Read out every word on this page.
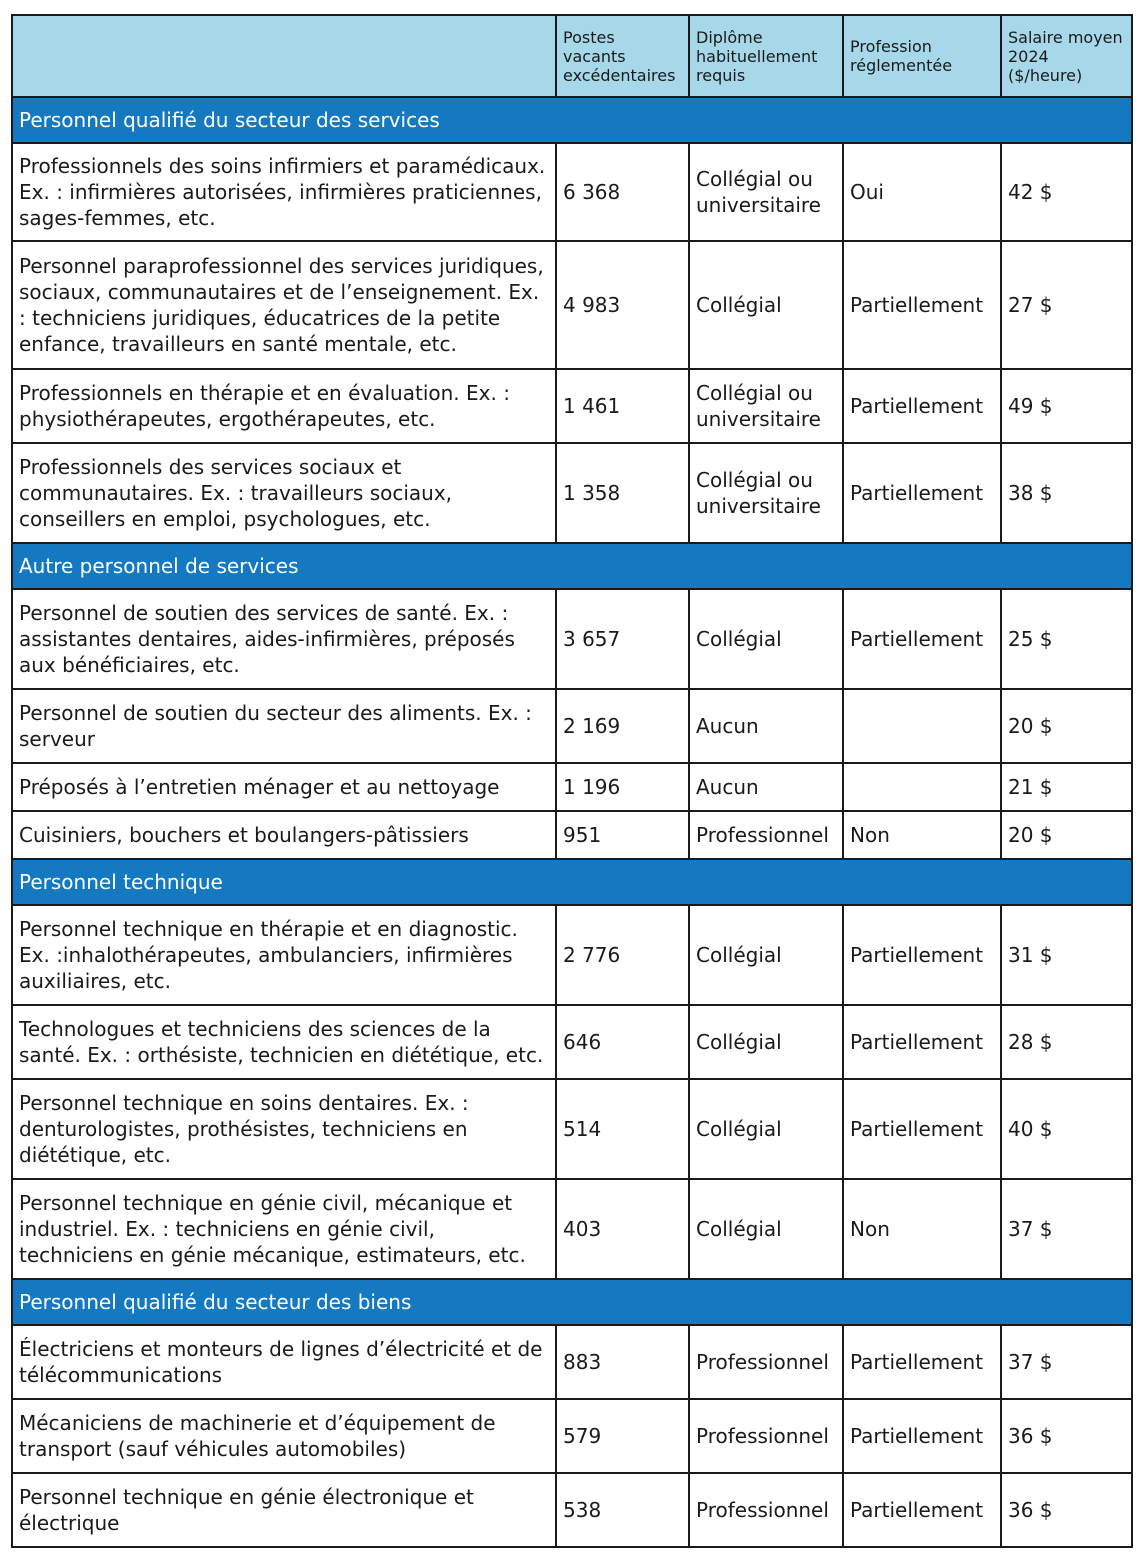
	Postes vacants excédentaires	Diplôme habituellement requis	Profession réglementée	Salaire moyen 2024 ($/heure)
Personnel qualifié du secteur des services				
Professionnels des soins infirmiers et paramédicaux. Ex. : infirmières autorisées, infirmières praticiennes, sages-femmes, etc.	6 368	Collégial ou universitaire	Oui	42 $
Personnel paraprofessionnel des services juridiques, sociaux, communautaires et de l’enseignement. Ex. : techniciens juridiques, éducatrices de la petite enfance, travailleurs en santé mentale, etc.	4 983	Collégial	Partiellement	27 $
Professionnels en thérapie et en évaluation. Ex. : physiothérapeutes, ergothérapeutes, etc.	1 461	Collégial ou universitaire	Partiellement	49 $
Professionnels des services sociaux et communautaires. Ex. : travailleurs sociaux, conseillers en emploi, psychologues, etc.	1 358	Collégial ou universitaire	Partiellement	38 $
Autre personnel de services				
Personnel de soutien des services de santé. Ex. : assistantes dentaires, aides-infirmières, préposés aux bénéficiaires, etc.	3 657	Collégial	Partiellement	25 $
Personnel de soutien du secteur des aliments. Ex. : serveur	2 169	Aucun		20 $
Préposés à l’entretien ménager et au nettoyage	1 196	Aucun		21 $
Cuisiniers, bouchers et boulangers-pâtissiers	951	Professionnel	Non	20 $
Personnel technique				
Personnel technique en thérapie et en diagnostic. Ex. :inhalothérapeutes, ambulanciers, infirmières auxiliaires, etc.	2 776	Collégial	Partiellement	31 $
Technologues et techniciens des sciences de la santé. Ex. : orthésiste, technicien en diététique, etc.	646	Collégial	Partiellement	28 $
Personnel technique en soins dentaires. Ex. : denturologistes, prothésistes, techniciens en diététique, etc.	514	Collégial	Partiellement	40 $
Personnel technique en génie civil, mécanique et industriel. Ex. : techniciens en génie civil, techniciens en génie mécanique, estimateurs, etc.	403	Collégial	Non	37 $
Personnel qualifié du secteur des biens				
Électriciens et monteurs de lignes d’électricité et de télécommunications	883	Professionnel	Partiellement	37 $
Mécaniciens de machinerie et d’équipement de transport (sauf véhicules automobiles)	579	Professionnel	Partiellement	36 $
Personnel technique en génie électronique et électrique	538	Professionnel	Partiellement	36 $
